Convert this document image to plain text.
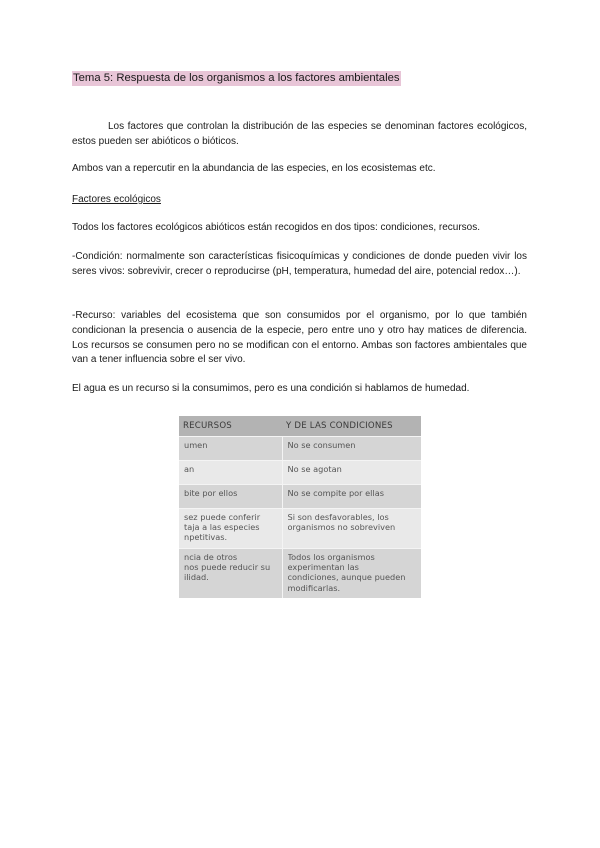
Tema 5: Respuesta de los organismos a los factores ambientales

Los factores que controlan la distribución de las especies se denominan factores ecológicos, estos pueden ser abióticos o bióticos.

Ambos van a repercutir en la abundancia de las especies, en los ecosistemas etc.

Factores ecológicos

Todos los factores ecológicos abióticos están recogidos en dos tipos: condiciones, recursos.

-Condición: normalmente son características fisicoquímicas y condiciones de donde pueden vivir los seres vivos: sobrevivir, crecer o reproducirse (pH, temperatura, humedad del aire, potencial redox…).

-Recurso: variables del ecosistema que son consumidos por el organismo, por lo que también condicionan la presencia o ausencia de la especie, pero entre uno y otro hay matices de diferencia. Los recursos se consumen pero no se modifican con el entorno. Ambas son factores ambientales que van a tener influencia sobre el ser vivo.

El agua es un recurso si la consumimos, pero es una condición si hablamos de humedad.

RECURSOS	Y DE LAS CONDICIONES

umen	No se consumen

an	No se agotan

bite por ellos	No se compite por ellas

sez puede conferir
taja a las especies
npetitivas.	Si son desfavorables, los
organismos no sobreviven

ncia de otros
nos puede reducir su
ilidad.	Todos los organismos
experimentan las
condiciones, aunque pueden
modificarlas.
